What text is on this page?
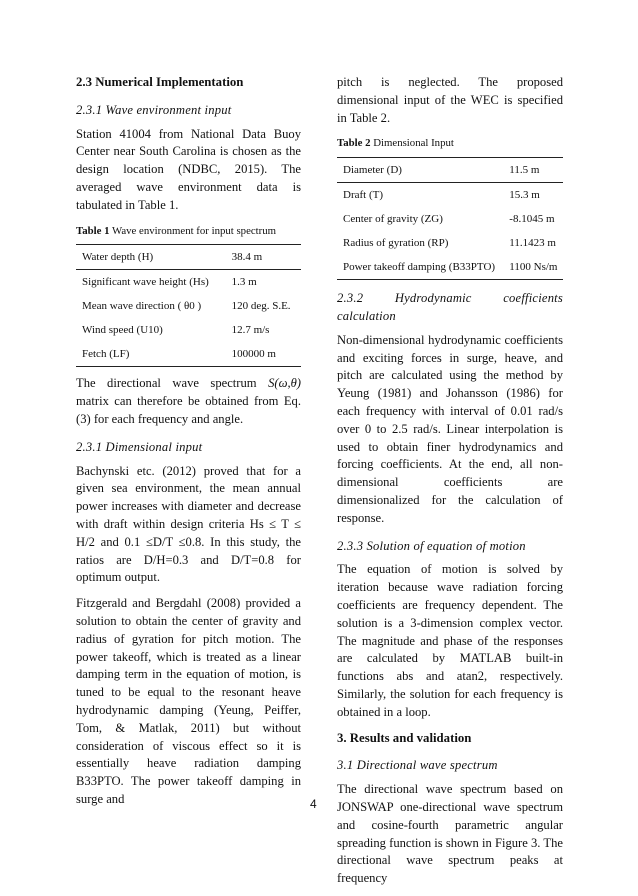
2.3 Numerical Implementation
2.3.1 Wave environment input

Station 41004 from National Data Buoy Center near South Carolina is chosen as the design location (NDBC, 2015). The averaged wave environment data is tabulated in Table 1.

Table 1 Wave environment for input spectrum
Water depth (H)	38.4 m
Significant wave height (Hs)	1.3 m
Mean wave direction ( θ0 )	120 deg. S.E.
Wind speed (U10)	12.7 m/s
Fetch (LF)	100000 m

The directional wave spectrum S(ω,θ)

matrix can therefore be obtained from Eq. (3) for each frequency and angle.

2.3.1 Dimensional input

Bachynski etc. (2012) proved that for a given sea environment, the mean annual power increases with diameter and decrease with draft within design criteria Hs ≤ T ≤ H/2 and 0.1 ≤D/T ≤0.8. In this study, the ratios are D/H=0.3 and D/T=0.8 for optimum output.

Fitzgerald and Bergdahl (2008) provided a solution to obtain the center of gravity and radius of gyration for pitch motion. The power takeoff, which is treated as a linear damping term in the equation of motion, is tuned to be equal to the resonant heave hydrodynamic damping (Yeung, Peiffer, Tom, & Matlak, 2011) but without consideration of viscous effect so it is essentially heave radiation damping B33PTO. The power takeoff damping in surge and

pitch is neglected. The proposed dimensional input of the WEC is specified in Table 2.

Table 2 Dimensional Input
Diameter (D)	11.5 m
Draft (T)	15.3 m
Center of gravity (ZG)	-8.1045 m
Radius of gyration (RP)	11.1423 m
Power takeoff damping (B33PTO)	1100 Ns/m
2.3.2 Hydrodynamic coefficients calculation

Non-dimensional hydrodynamic coefficients and exciting forces in surge, heave, and pitch are calculated using the method by Yeung (1981) and Johansson (1986) for each frequency with interval of 0.01 rad/s over 0 to 2.5 rad/s. Linear interpolation is used to obtain finer hydrodynamics and forcing coefficients. At the end, all non-dimensional coefficients are dimensionalized for the calculation of response.

2.3.3 Solution of equation of motion

The equation of motion is solved by iteration because wave radiation forcing coefficients are frequency dependent. The solution is a 3-dimension complex vector. The magnitude and phase of the responses are calculated by MATLAB built-in functions abs and atan2, respectively. Similarly, the solution for each frequency is obtained in a loop.

3. Results and validation
3.1 Directional wave spectrum

The directional wave spectrum based on JONSWAP one-directional wave spectrum and cosine-fourth parametric angular spreading function is shown in Figure 3. The directional wave spectrum peaks at frequency

4
